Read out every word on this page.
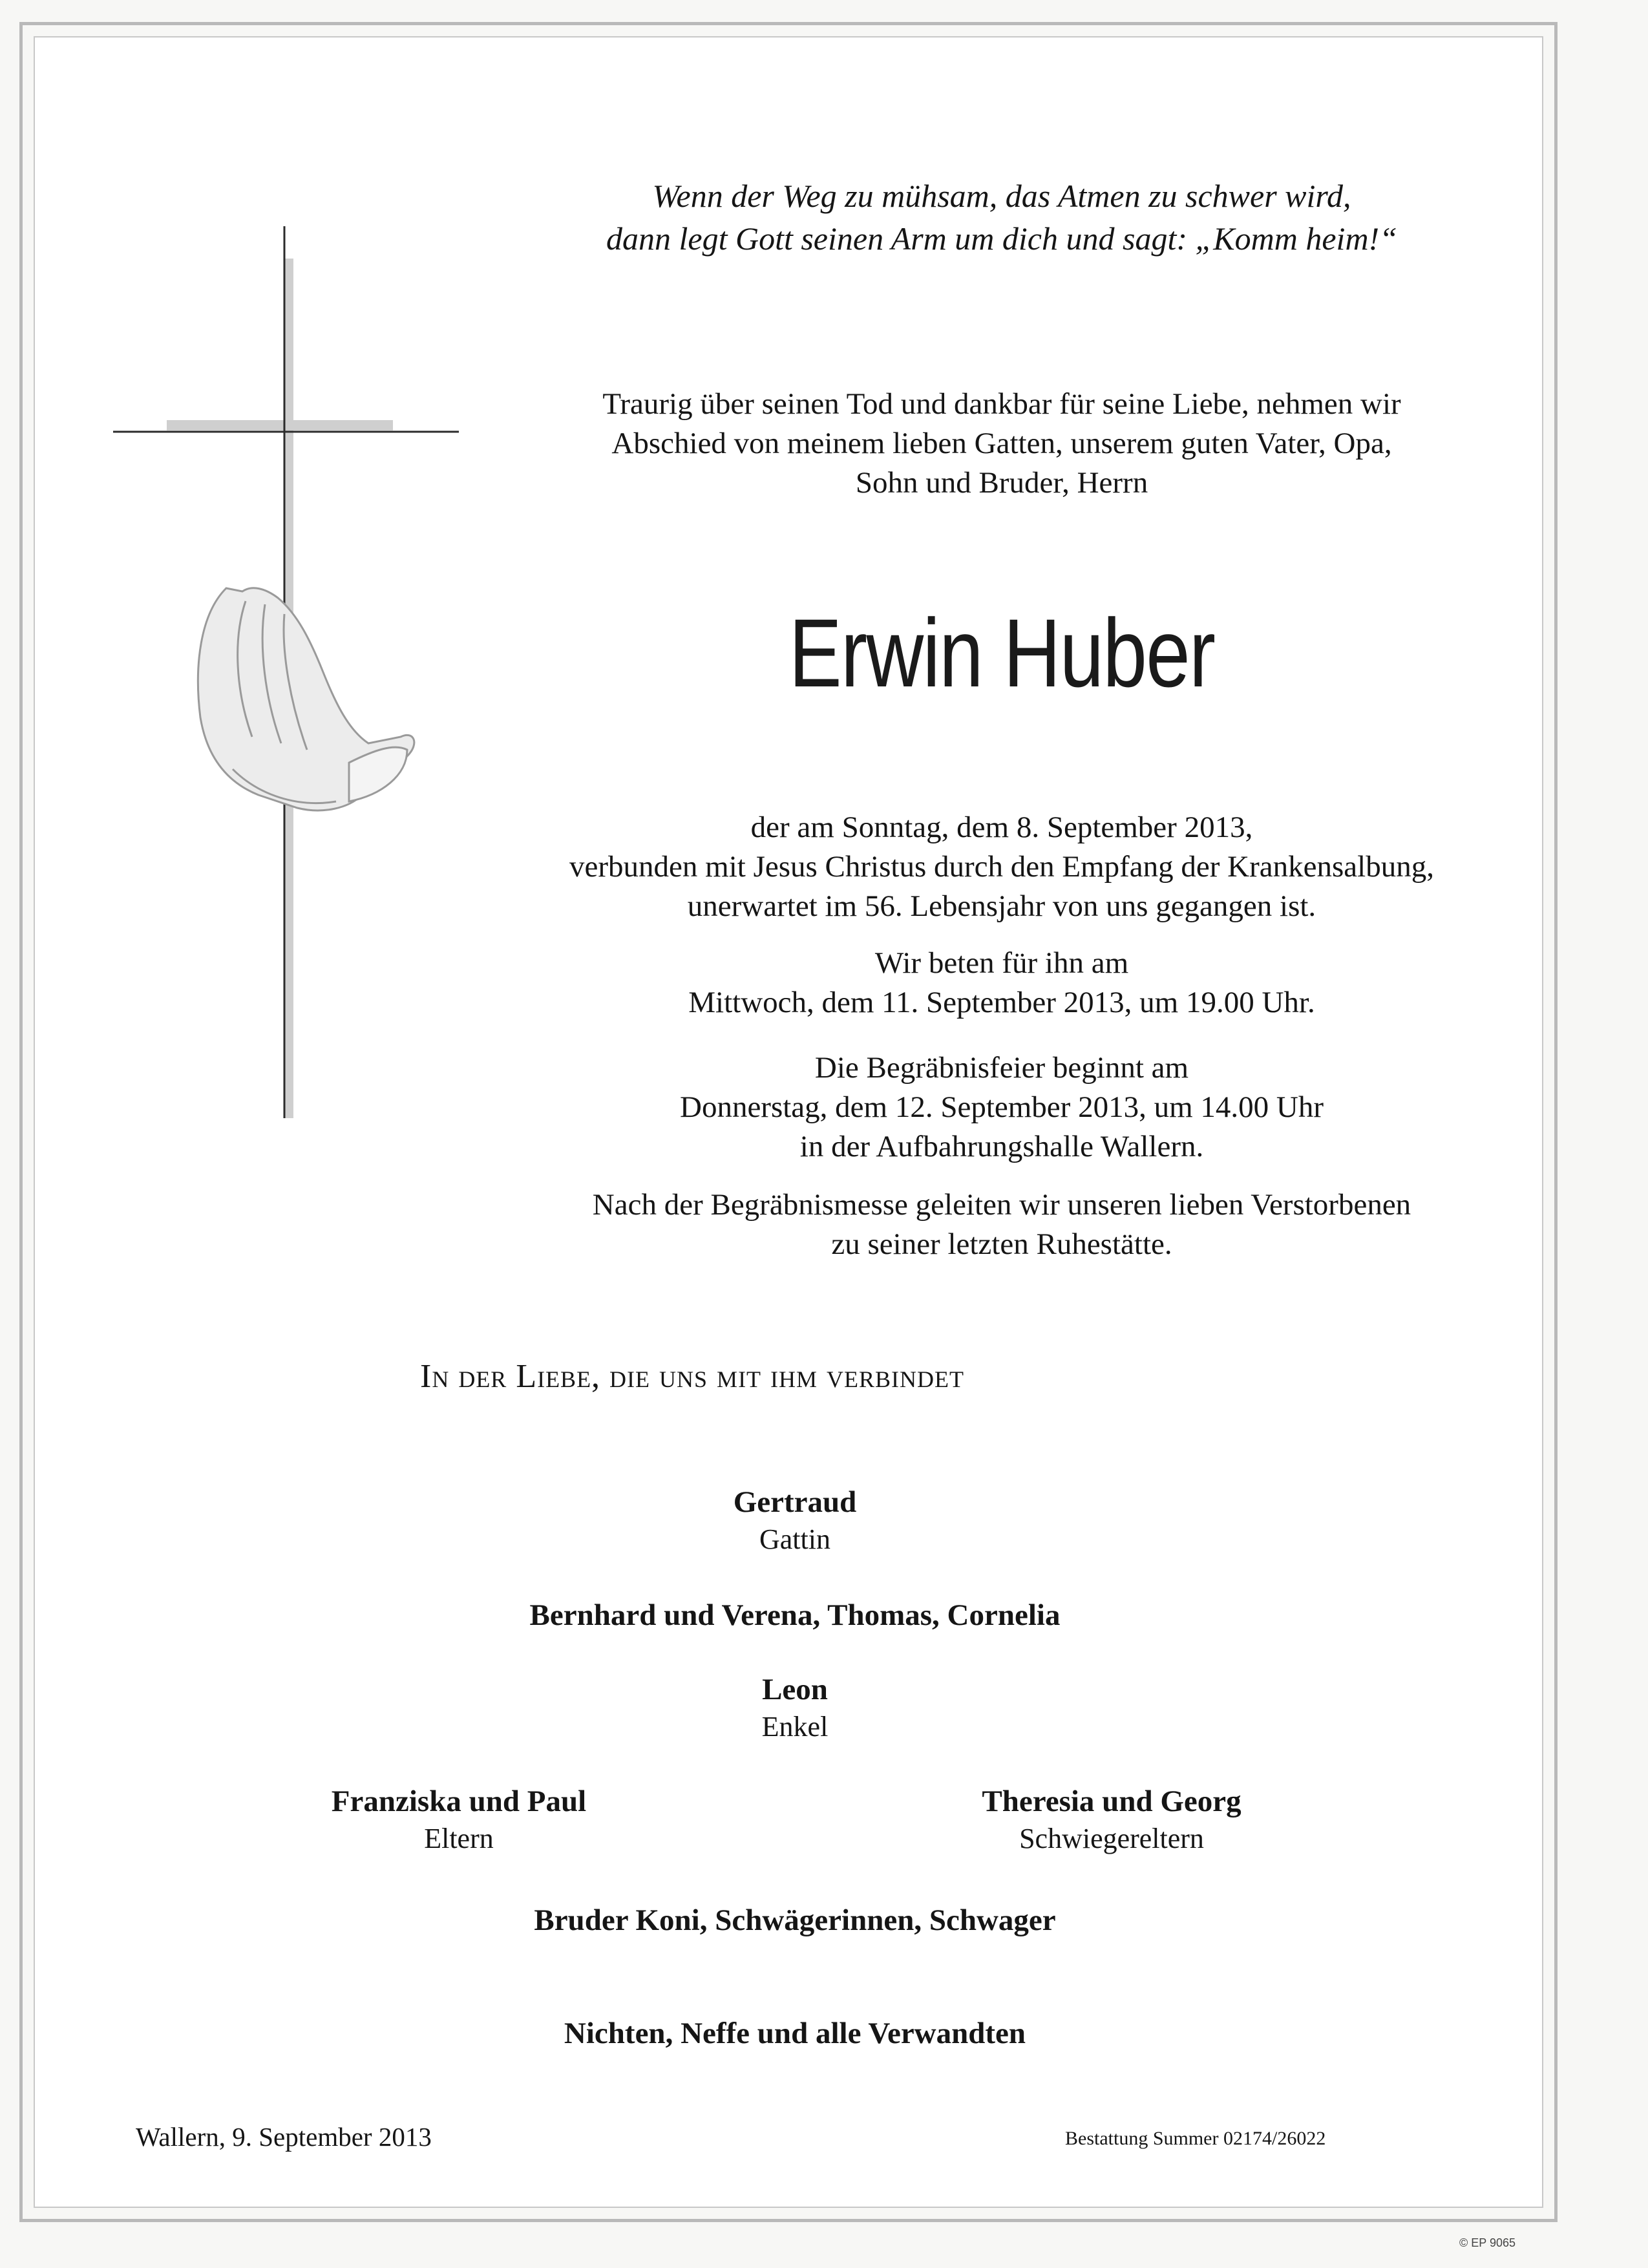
Wenn der Weg zu mühsam, das Atmen zu schwer wird,
dann legt Gott seinen Arm um dich und sagt: „Komm heim!“
Traurig über seinen Tod und dankbar für seine Liebe, nehmen wir
Abschied von meinem lieben Gatten, unserem guten Vater, Opa,
Sohn und Bruder, Herrn
Erwin Huber
der am Sonntag, dem 8. September 2013,
verbunden mit Jesus Christus durch den Empfang der Krankensalbung,
unerwartet im 56. Lebensjahr von uns gegangen ist.
Wir beten für ihn am
Mittwoch, dem 11. September 2013, um 19.00 Uhr.
Die Begräbnisfeier beginnt am
Donnerstag, dem 12. September 2013, um 14.00 Uhr
in der Aufbahrungshalle Wallern.
Nach der Begräbnismesse geleiten wir unseren lieben Verstorbenen
zu seiner letzten Ruhestätte.
In der Liebe, die uns mit ihm verbindet
Gertraud
Gattin
Bernhard und Verena, Thomas, Cornelia
Leon
Enkel
Franziska und Paul
Eltern
Theresia und Georg
Schwiegereltern
Bruder Koni, Schwägerinnen, Schwager
Nichten, Neffe und alle Verwandten
Wallern, 9. September 2013	Bestattung Summer 02174/26022
© EP 9065
